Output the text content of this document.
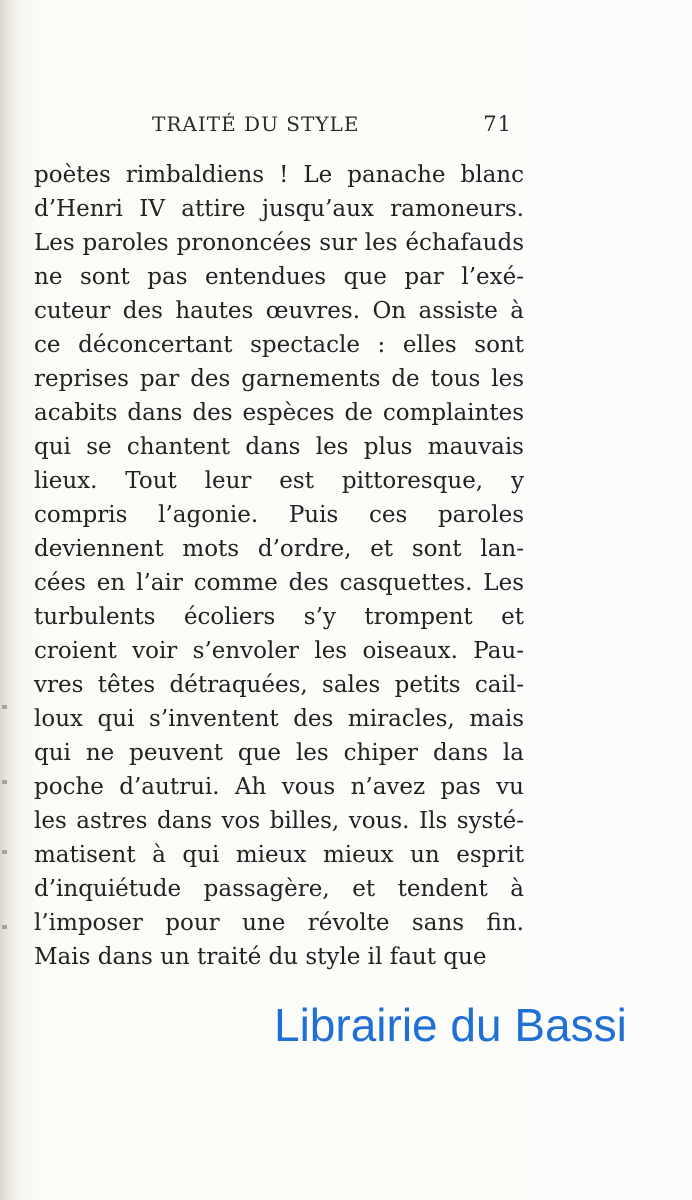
TRAITÉ DU STYLE	71
poètes rimbaldiens ! Le panache blanc
d’Henri IV attire jusqu’aux ramoneurs.
Les paroles prononcées sur les échafauds
ne sont pas entendues que par l’exé-
cuteur des hautes œuvres. On assiste à
ce déconcertant spectacle : elles sont
reprises par des garnements de tous les
acabits dans des espèces de complaintes
qui se chantent dans les plus mauvais
lieux. Tout leur est pittoresque, y
compris l’agonie. Puis ces paroles
deviennent mots d’ordre, et sont lan-
cées en l’air comme des casquettes. Les
turbulents écoliers s’y trompent et
croient voir s’envoler les oiseaux. Pau-
vres têtes détraquées, sales petits cail-
loux qui s’inventent des miracles, mais
qui ne peuvent que les chiper dans la
poche d’autrui. Ah vous n’avez pas vu
les astres dans vos billes, vous. Ils systé-
matisent à qui mieux mieux un esprit
d’inquiétude passagère, et tendent à
l’imposer pour une révolte sans fin.
Mais dans un traité du style il faut que
Librairie du Bassi
